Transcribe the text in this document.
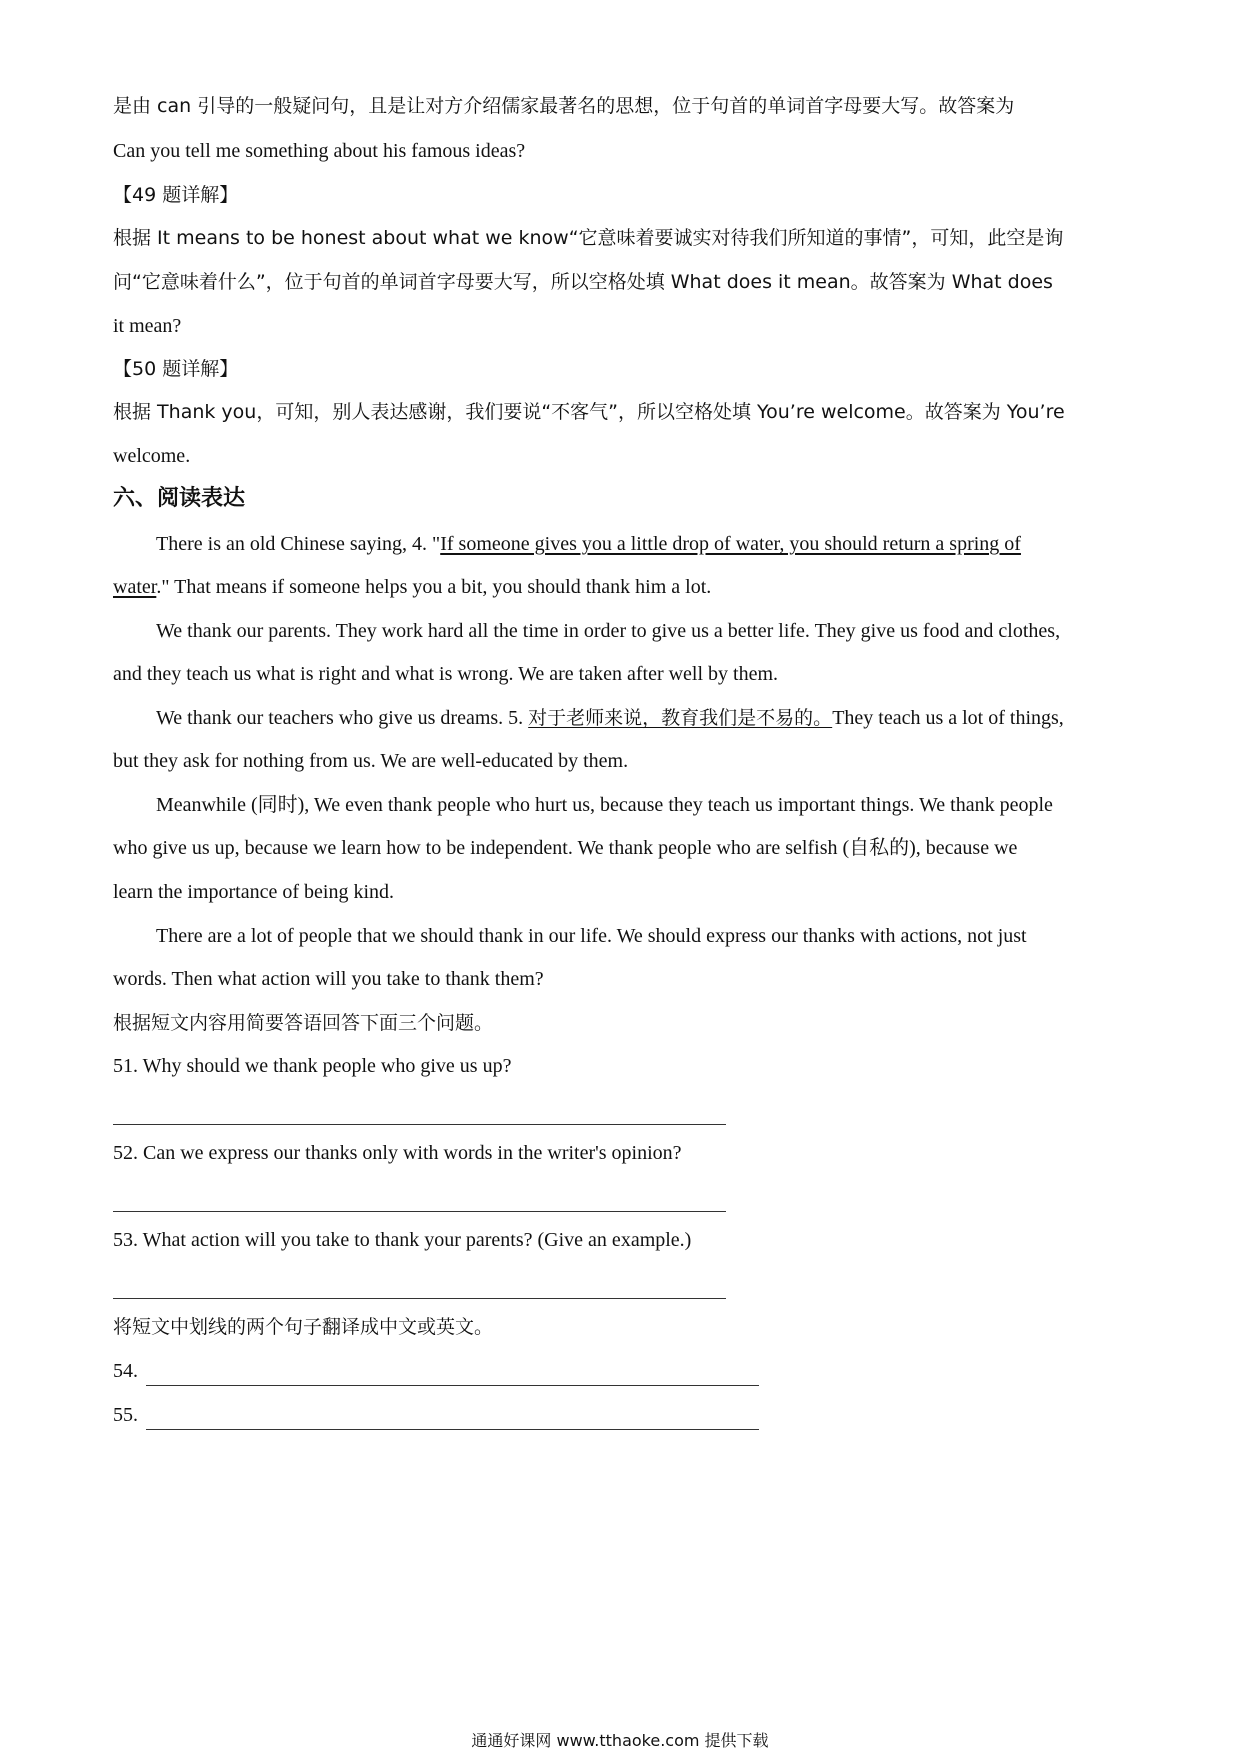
是由 can 引导的一般疑问句，且是让对方介绍儒家最著名的思想，位于句首的单词首字母要大写。故答案为
Can you tell me something about his famous ideas?
【49 题详解】
根据 It means to be honest about what we know“它意味着要诚实对待我们所知道的事情”，可知，此空是询
问“它意味着什么”，位于句首的单词首字母要大写，所以空格处填 What does it mean。故答案为 What does
it mean?
【50 题详解】
根据 Thank you，可知，别人表达感谢，我们要说“不客气”，所以空格处填 You’re welcome。故答案为 You’re
welcome.
六、阅读表达
There is an old Chinese saying, 4. "If someone gives you a little drop of water, you should return a spring of
water." That means if someone helps you a bit, you should thank him a lot.
We thank our parents. They work hard all the time in order to give us a better life. They give us food and clothes,
and they teach us what is right and what is wrong. We are taken after well by them.
We thank our teachers who give us dreams. 5. 对于老师来说，教育我们是不易的。They teach us a lot of things,
but they ask for nothing from us. We are well-educated by them.
Meanwhile (同时), We even thank people who hurt us, because they teach us important things. We thank people
who give us up, because we learn how to be independent. We thank people who are selfish (自私的), because we
learn the importance of being kind.
There are a lot of people that we should thank in our life. We should express our thanks with actions, not just
words. Then what action will you take to thank them?
根据短文内容用简要答语回答下面三个问题。
51. Why should we thank people who give us up?
52. Can we express our thanks only with words in the writer's opinion?
53. What action will you take to thank your parents? (Give an example.)
将短文中划线的两个句子翻译成中文或英文。
54.
55.
通通好课网 www.tthaoke.com 提供下载
